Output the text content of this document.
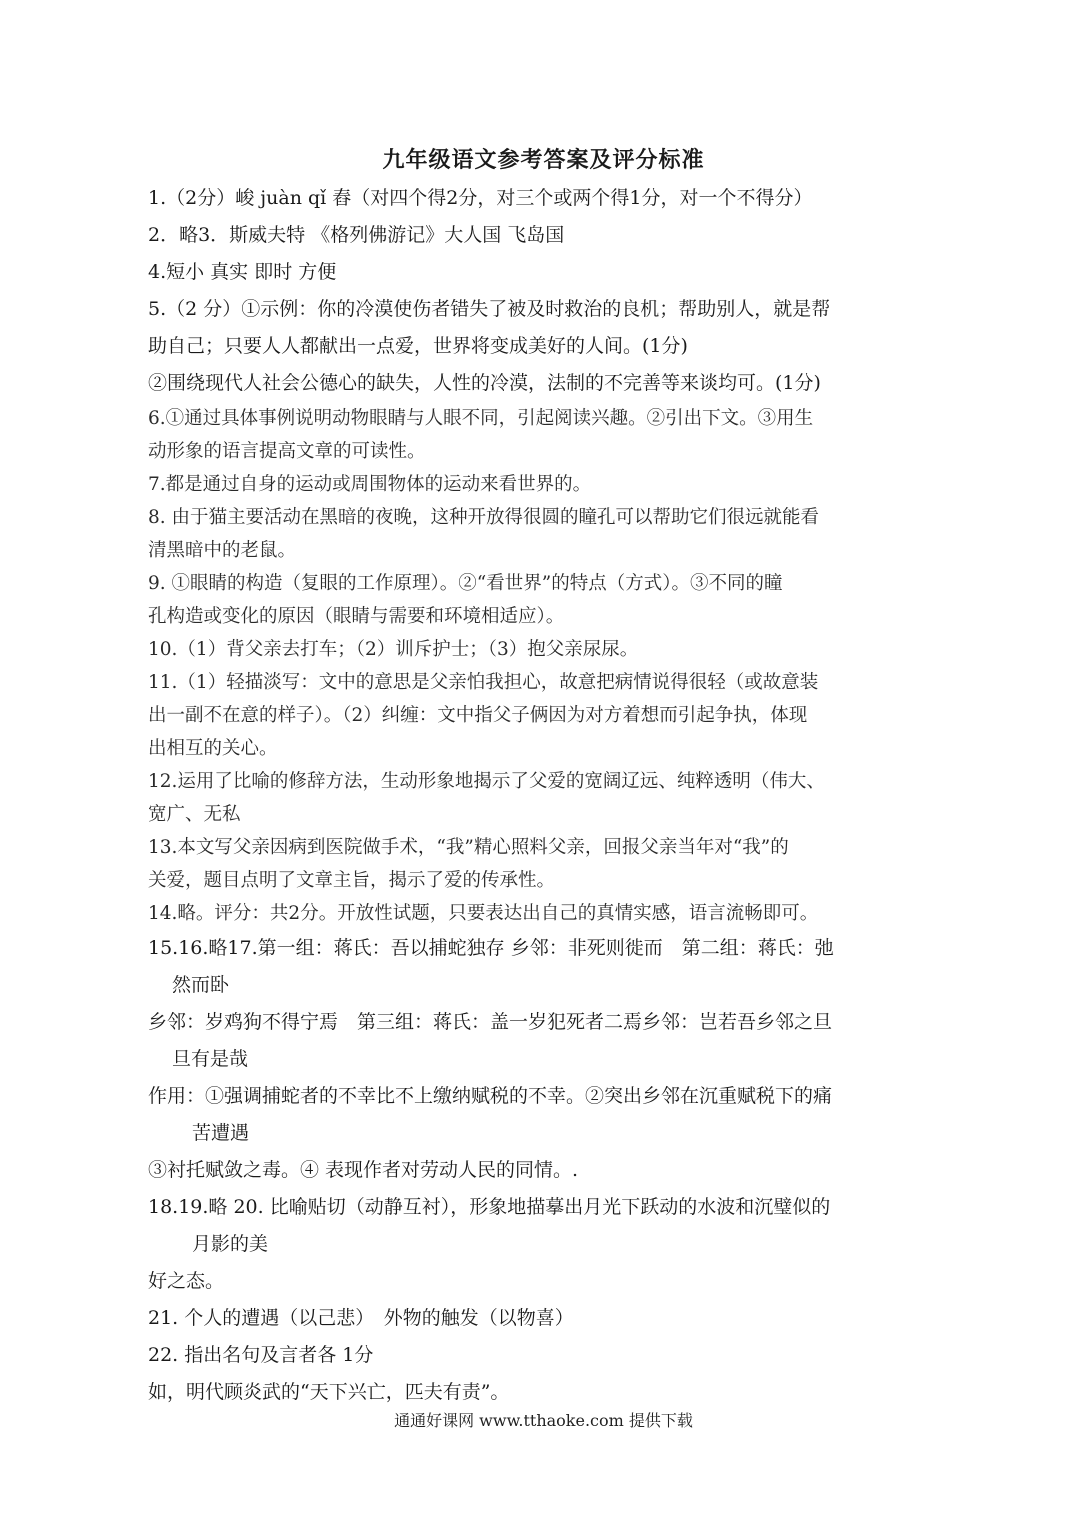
九年级语文参考答案及评分标准
1.（2分）峻 juàn qǐ 舂（对四个得2分，对三个或两个得1分，对一个不得分）
2．略3．斯威夫特 《格列佛游记》大人国 飞岛国
4.短小 真实 即时 方便
5.（2 分）①示例：你的冷漠使伤者错失了被及时救治的良机；帮助别人，就是帮
助自己；只要人人都献出一点爱，世界将变成美好的人间。(1分)
②围绕现代人社会公德心的缺失，人性的冷漠，法制的不完善等来谈均可。(1分)
6.①通过具体事例说明动物眼睛与人眼不同，引起阅读兴趣。②引出下文。③用生
动形象的语言提高文章的可读性。
7.都是通过自身的运动或周围物体的运动来看世界的。
8. 由于猫主要活动在黑暗的夜晚，这种开放得很圆的瞳孔可以帮助它们很远就能看
清黑暗中的老鼠。
9. ①眼睛的构造（复眼的工作原理）。②“看世界”的特点（方式）。③不同的瞳
孔构造或变化的原因（眼睛与需要和环境相适应）。
10.（1）背父亲去打车；（2）训斥护士；（3）抱父亲尿尿。
11.（1）轻描淡写：文中的意思是父亲怕我担心，故意把病情说得很轻（或故意装
出一副不在意的样子）。（2）纠缠：文中指父子俩因为对方着想而引起争执，体现
出相互的关心。
12.运用了比喻的修辞方法，生动形象地揭示了父爱的宽阔辽远、纯粹透明（伟大、
宽广、无私
13.本文写父亲因病到医院做手术，“我”精心照料父亲，回报父亲当年对“我”的
关爱，题目点明了文章主旨，揭示了爱的传承性。
14.略。评分：共2分。开放性试题，只要表达出自己的真情实感，语言流畅即可。
15.16.略17.第一组：蒋氏：吾以捕蛇独存 乡邻：非死则徙而　第二组：蒋氏：弛
然而卧
乡邻：岁鸡狗不得宁焉　第三组：蒋氏：盖一岁犯死者二焉乡邻：岂若吾乡邻之旦
旦有是哉
作用：①强调捕蛇者的不幸比不上缴纳赋税的不幸。②突出乡邻在沉重赋税下的痛
苦遭遇
③衬托赋敛之毒。④ 表现作者对劳动人民的同情。.
18.19.略 20. 比喻贴切（动静互衬），形象地描摹出月光下跃动的水波和沉璧似的
月影的美
好之态。
21. 个人的遭遇（以己悲）　外物的触发（以物喜）
22. 指出名句及言者各 1分
如，明代顾炎武的“天下兴亡，匹夫有责”。
通通好课网 www.tthaoke.com 提供下载
